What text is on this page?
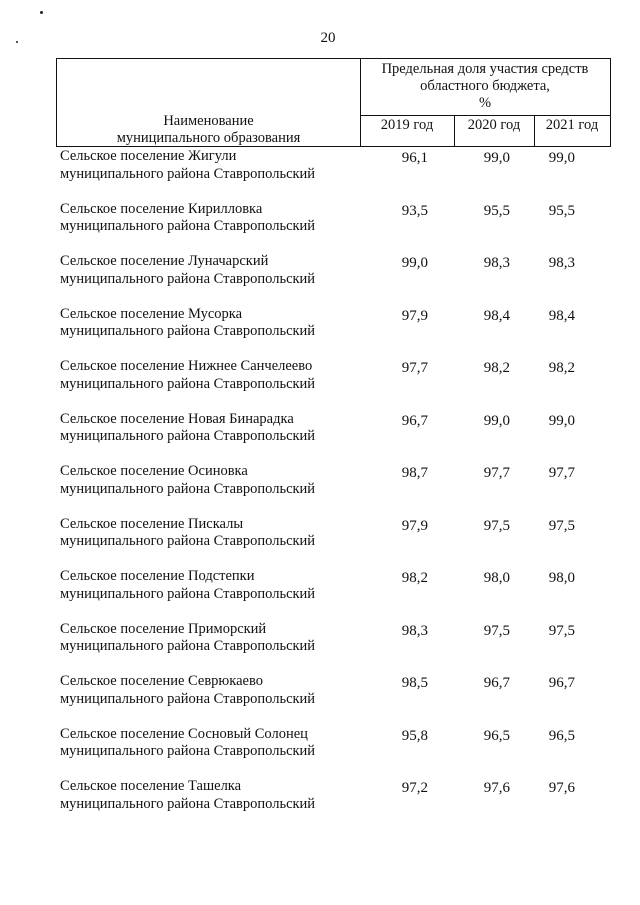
20
Наименование
муниципального образования
Предельная доля участия средств
областного бюджета,
%
2019 год	2020 год	2021 год
Сельское поселение Жигули
муниципального района Ставропольский
96,1	99,0	99,0
Сельское поселение Кирилловка
муниципального района Ставропольский
93,5	95,5	95,5
Сельское поселение Луначарский
муниципального района Ставропольский
99,0	98,3	98,3
Сельское поселение Мусорка
муниципального района Ставропольский
97,9	98,4	98,4
Сельское поселение Нижнее Санчелеево
муниципального района Ставропольский
97,7	98,2	98,2
Сельское поселение Новая Бинарадка
муниципального района Ставропольский
96,7	99,0	99,0
Сельское поселение Осиновка
муниципального района Ставропольский
98,7	97,7	97,7
Сельское поселение Пискалы
муниципального района Ставропольский
97,9	97,5	97,5
Сельское поселение Подстепки
муниципального района Ставропольский
98,2	98,0	98,0
Сельское поселение Приморский
муниципального района Ставропольский
98,3	97,5	97,5
Сельское поселение Севрюкаево
муниципального района Ставропольский
98,5	96,7	96,7
Сельское поселение Сосновый Солонец
муниципального района Ставропольский
95,8	96,5	96,5
Сельское поселение Ташелка
муниципального района Ставропольский
97,2	97,6	97,6
